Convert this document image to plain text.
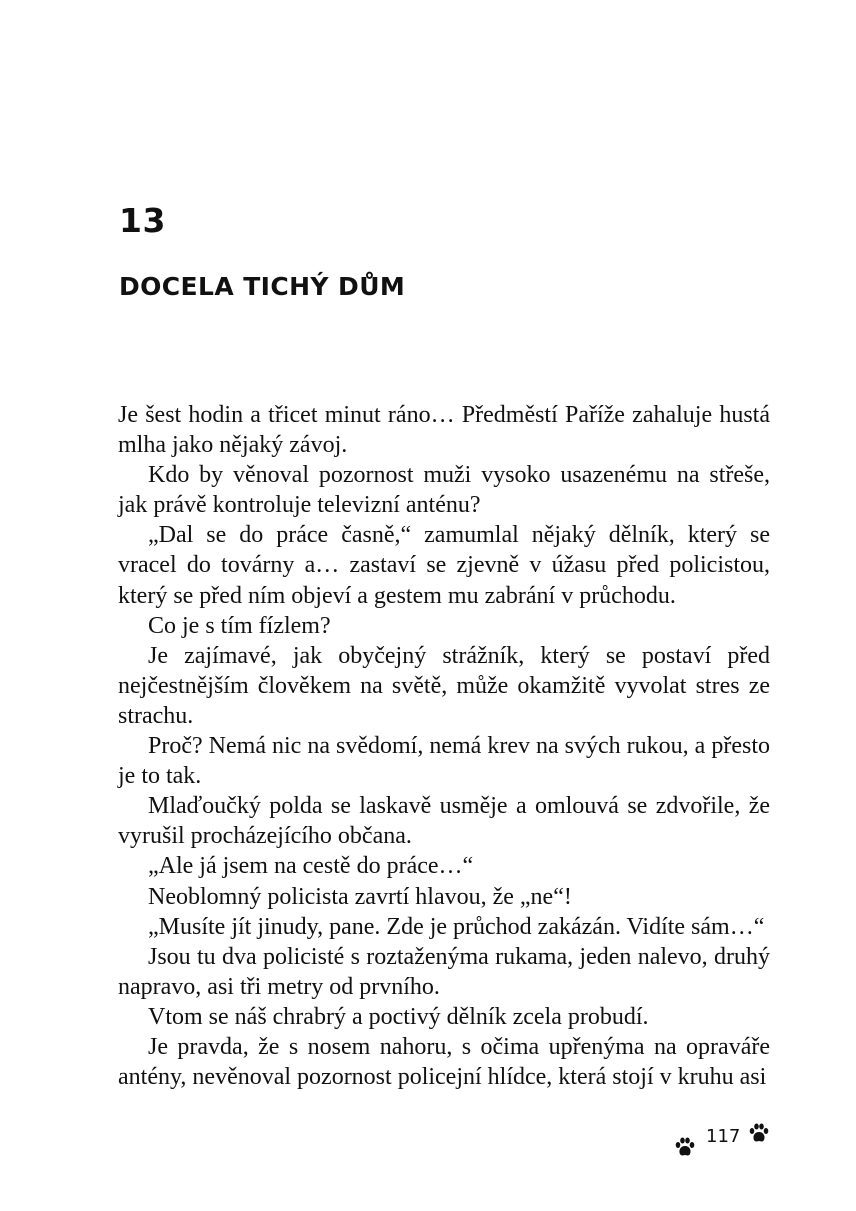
13
DOCELA TICHÝ DŮM

Je šest hodin a třicet minut ráno… Předměstí Paříže zahaluje hustá mlha jako nějaký závoj.

Kdo by věnoval pozornost muži vysoko usazenému na střeše, jak právě kontroluje televizní anténu?

„Dal se do práce časně,“ zamumlal nějaký dělník, který se vracel do továrny a… zastaví se zjevně v úžasu před policistou, který se před ním objeví a gestem mu zabrání v průchodu.

Co je s tím fízlem?

Je zajímavé, jak obyčejný strážník, který se postaví před nejčestnějším člověkem na světě, může okamžitě vyvolat stres ze strachu.

Proč? Nemá nic na svědomí, nemá krev na svých rukou, a přesto je to tak.

Mlaďoučký polda se laskavě usměje a omlouvá se zdvořile, že vyrušil procházejícího občana.

„Ale já jsem na cestě do práce…“

Neoblomný policista zavrtí hlavou, že „ne“!

„Musíte jít jinudy, pane. Zde je průchod zakázán. Vidíte sám…“

Jsou tu dva policisté s roztaženýma rukama, jeden nalevo, druhý napravo, asi tři metry od prvního.

Vtom se náš chrabrý a poctivý dělník zcela probudí.

Je pravda, že s nosem nahoru, s očima upřenýma na opraváře antény, nevěnoval pozornost policejní hlídce, která stojí v kruhu asi

117
